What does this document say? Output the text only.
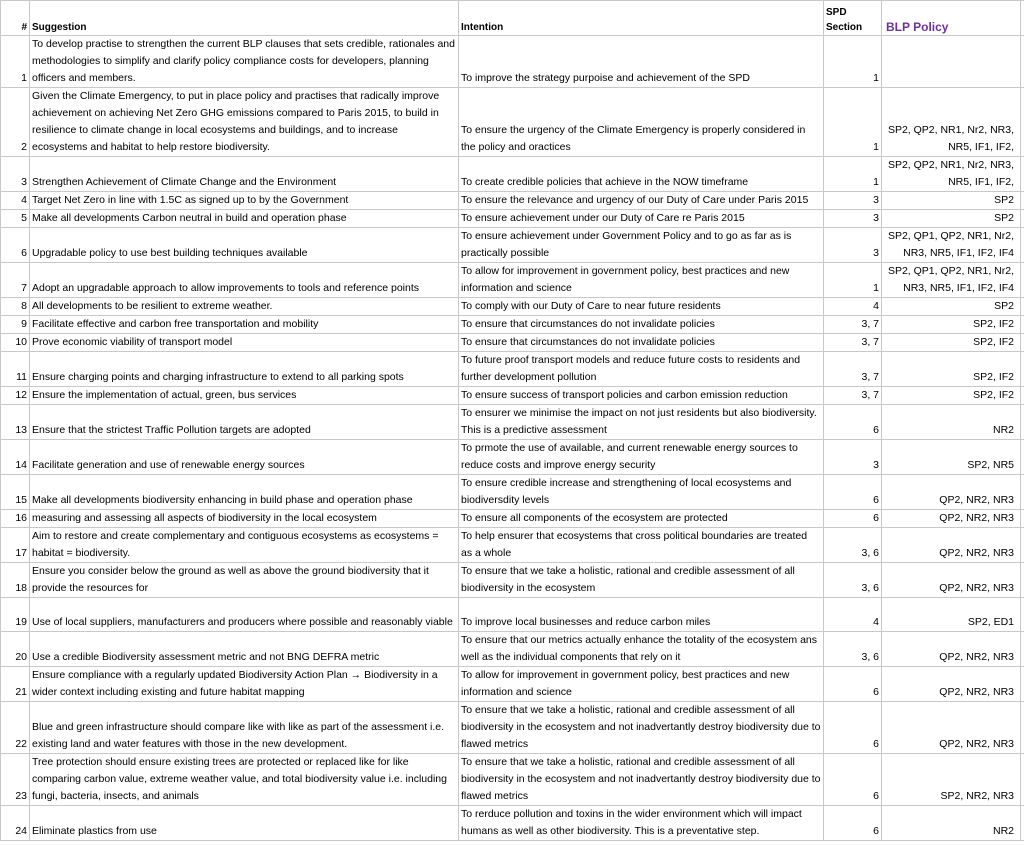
#	Suggestion	Intention	SPD Section	BLP Policy	
1	To develop practise to strengthen the current BLP clauses that sets credible, rationales and methodologies to simplify and clarify policy compliance costs for developers, planning officers and members.	To improve the strategy purpoise and achievement of the SPD	1		
2	Given the Climate Emergency, to put in place policy and practises that radically improve achievement on achieving Net Zero GHG emissions compared to Paris 2015, to build in resilience to climate change in local ecosystems and buildings, and to increase ecosystems and habitat to help restore biodiversity.	To ensure the urgency of the Climate Emergency is properly considered in the policy and oractices	1	SP2, QP2, NR1, Nr2, NR3, NR5, IF1, IF2,	
3	Strengthen Achievement of Climate Change and the Environment	To create credible policies that achieve in the NOW timeframe	1	SP2, QP2, NR1, Nr2, NR3, NR5, IF1, IF2,	
4	Target Net Zero in line with 1.5C as signed up to by the Government	To ensure the relevance and urgency of our Duty of Care under Paris 2015	3	SP2	
5	Make all developments Carbon neutral in build and operation phase	To ensure achievement under our Duty of Care re Paris 2015	3	SP2	
6	Upgradable policy to use best building techniques available	To ensure achievement under Government Policy and to go as far as is practically possible	3	SP2, QP1, QP2, NR1, Nr2, NR3, NR5, IF1, IF2, IF4	
7	Adopt an upgradable approach to allow improvements to tools and reference points	To allow for improvement in government policy, best practices and new information and science	1	SP2, QP1, QP2, NR1, Nr2, NR3, NR5, IF1, IF2, IF4	
8	All developments to be resilient to extreme weather.	To comply with our Duty of Care to near future residents	4	SP2	
9	Facilitate effective and carbon free transportation and mobility	To ensure that circumstances do not invalidate policies	3, 7	SP2, IF2	
10	Prove economic viability of transport model	To ensure that circumstances do not invalidate policies	3, 7	SP2, IF2	
11	Ensure charging points and charging infrastructure to extend to all parking spots	To future proof transport models and reduce future costs to residents and further development pollution	3, 7	SP2, IF2	
12	Ensure the implementation of actual, green, bus services	To ensure success of transport policies and carbon emission reduction	3, 7	SP2, IF2	
13	Ensure that the strictest Traffic Pollution targets are adopted	To ensurer we minimise the impact on not just residents but also biodiversity. This is a predictive assessment	6	NR2	
14	Facilitate generation and use of renewable energy sources	To prmote the use of available, and current renewable energy sources to reduce costs and improve energy security	3	SP2, NR5	
15	Make all developments biodiversity enhancing in build phase and operation phase	To ensure credible increase and strengthening of local ecosystems and biodiversdity levels	6	QP2, NR2, NR3	
16	measuring and assessing all aspects of biodiversity in the local ecosystem	To ensure all components of the ecosystem are protected	6	QP2, NR2, NR3	
17	Aim to restore and create complementary and contiguous ecosystems as ecosystems = habitat = biodiversity.	To help ensurer that ecosystems that cross political boundaries are treated as a whole	3, 6	QP2, NR2, NR3	
18	Ensure you consider below the ground as well as above the ground biodiversity that it provide the resources for	To ensure that we take a holistic, rational and credible assessment of all biodiversity in the ecosystem	3, 6	QP2, NR2, NR3	
19	Use of local suppliers, manufacturers and producers where possible and reasonably viable	To improve local businesses and reduce carbon miles	4	SP2, ED1	
20	Use a credible Biodiversity assessment metric and not BNG DEFRA metric	To ensure that our metrics actually enhance the totality of the ecosystem ans well as the individual components that rely on it	3, 6	QP2, NR2, NR3	
21	Ensure compliance with a regularly updated Biodiversity Action Plan → Biodiversity in a wider context including existing and future habitat mapping	To allow for improvement in government policy, best practices and new information and science	6	QP2, NR2, NR3	
22	Blue and green infrastructure should compare like with like as part of the assessment i.e. existing land and water features with those in the new development.	To ensure that we take a holistic, rational and credible assessment of all biodiversity in the ecosystem and not inadvertantly destroy biodiversity due to flawed metrics	6	QP2, NR2, NR3	
23	Tree protection should ensure existing trees are protected or replaced like for like comparing carbon value, extreme weather value, and total biodiversity value i.e. including fungi, bacteria, insects, and animals	To ensure that we take a holistic, rational and credible assessment of all biodiversity in the ecosystem and not inadvertantly destroy biodiversity due to flawed metrics	6	SP2, NR2, NR3	
24	Eliminate plastics from use	To rerduce pollution and toxins in the wider environment which will impact humans as well as other biodiversity. This is a preventative step.	6	NR2	
